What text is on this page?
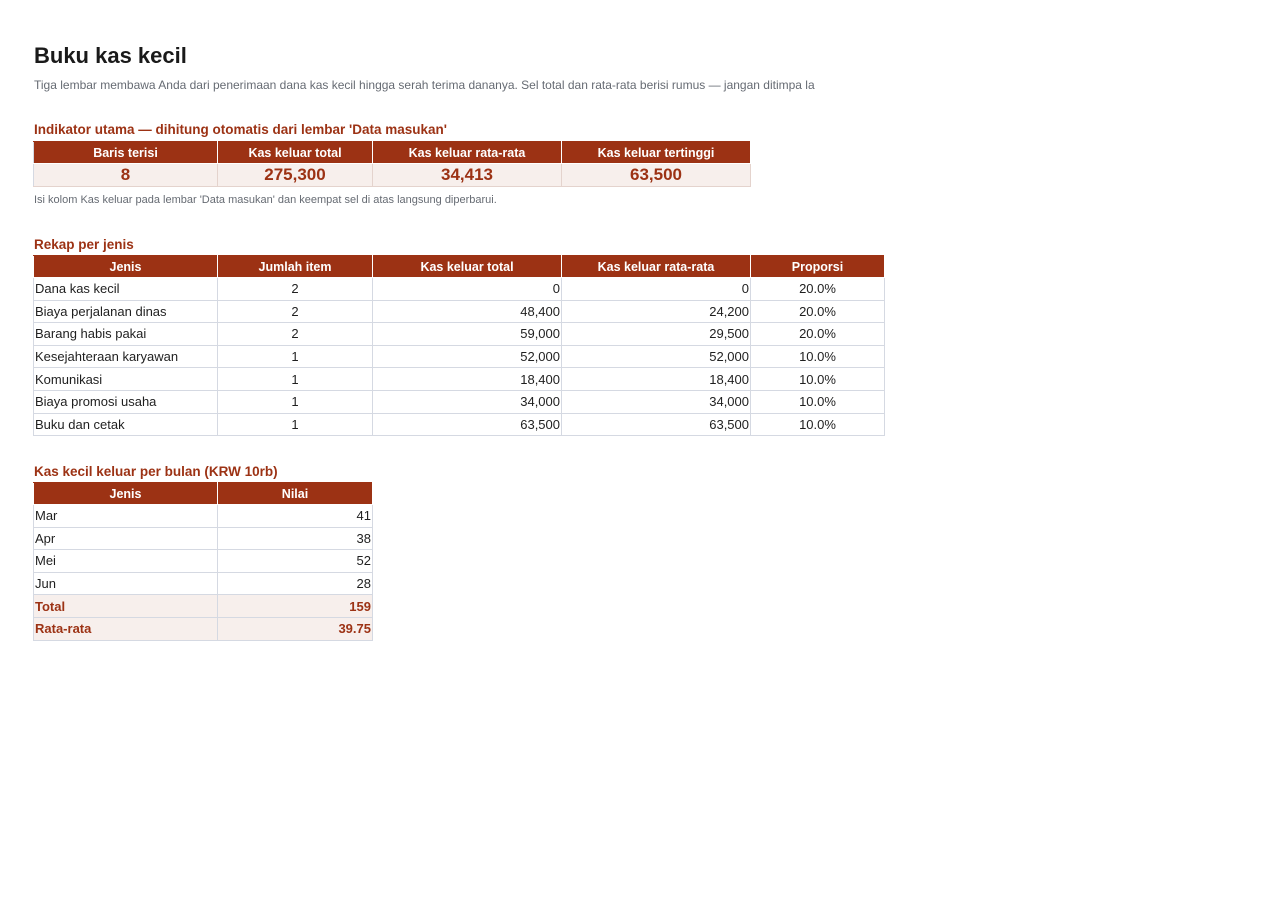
Buku kas kecil
Tiga lembar membawa Anda dari penerimaan dana kas kecil hingga serah terima dananya. Sel total dan rata-rata berisi rumus — jangan ditimpa la
Indikator utama — dihitung otomatis dari lembar 'Data masukan'
Baris terisi	Kas keluar total	Kas keluar rata-rata	Kas keluar tertinggi
8	275,300	34,413	63,500
Isi kolom Kas keluar pada lembar 'Data masukan' dan keempat sel di atas langsung diperbarui.
Rekap per jenis
Jenis	Jumlah item	Kas keluar total	Kas keluar rata-rata	Proporsi
Dana kas kecil	2	0	0	20.0%
Biaya perjalanan dinas	2	48,400	24,200	20.0%
Barang habis pakai	2	59,000	29,500	20.0%
Kesejahteraan karyawan	1	52,000	52,000	10.0%
Komunikasi	1	18,400	18,400	10.0%
Biaya promosi usaha	1	34,000	34,000	10.0%
Buku dan cetak	1	63,500	63,500	10.0%
Kas kecil keluar per bulan (KRW 10rb)
Jenis	Nilai
Mar	41
Apr	38
Mei	52
Jun	28
Total	159
Rata-rata	39.75
